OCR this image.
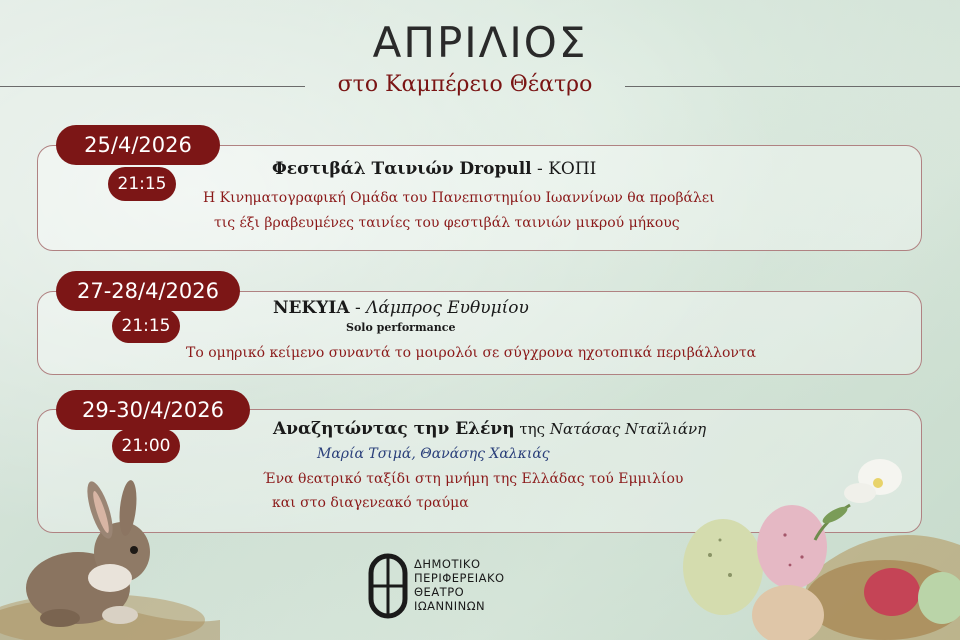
ΑΠΡΙΛΙΟΣ
στο Καμπέρειο Θέατρο
25/4/2026
21:15
Φεστιβάλ Ταινιών Dropull - ΚΟΠΙ
Η Κινηματογραφική Ομάδα του Πανεπιστημίου Ιωαννίνων θα προβάλει
τις έξι βραβευμένες ταινίες του φεστιβάλ ταινιών μικρού μήκους
27-28/4/2026
21:15
ΝΕΚΥΙΑ - Λάμπρος Ευθυμίου
Solo performance
Το ομηρικό κείμενο συναντά το μοιρολόι σε σύγχρονα ηχοτοπικά περιβάλλοντα
29-30/4/2026
21:00
Αναζητώντας την Ελένη της Νατάσας Νταϊλιάνη
Μαρία Τσιμά, Θανάσης Χαλκιάς
Ένα θεατρικό ταξίδι στη μνήμη της Ελλάδας τού Εμμιλίου
και στο διαγενεακό τραύμα
ΔΗΜΟΤΙΚΟ
ΠΕΡΙΦΕΡΕΙΑΚΟ
ΘΕΑΤΡΟ
ΙΩΑΝΝΙΝΩΝ
